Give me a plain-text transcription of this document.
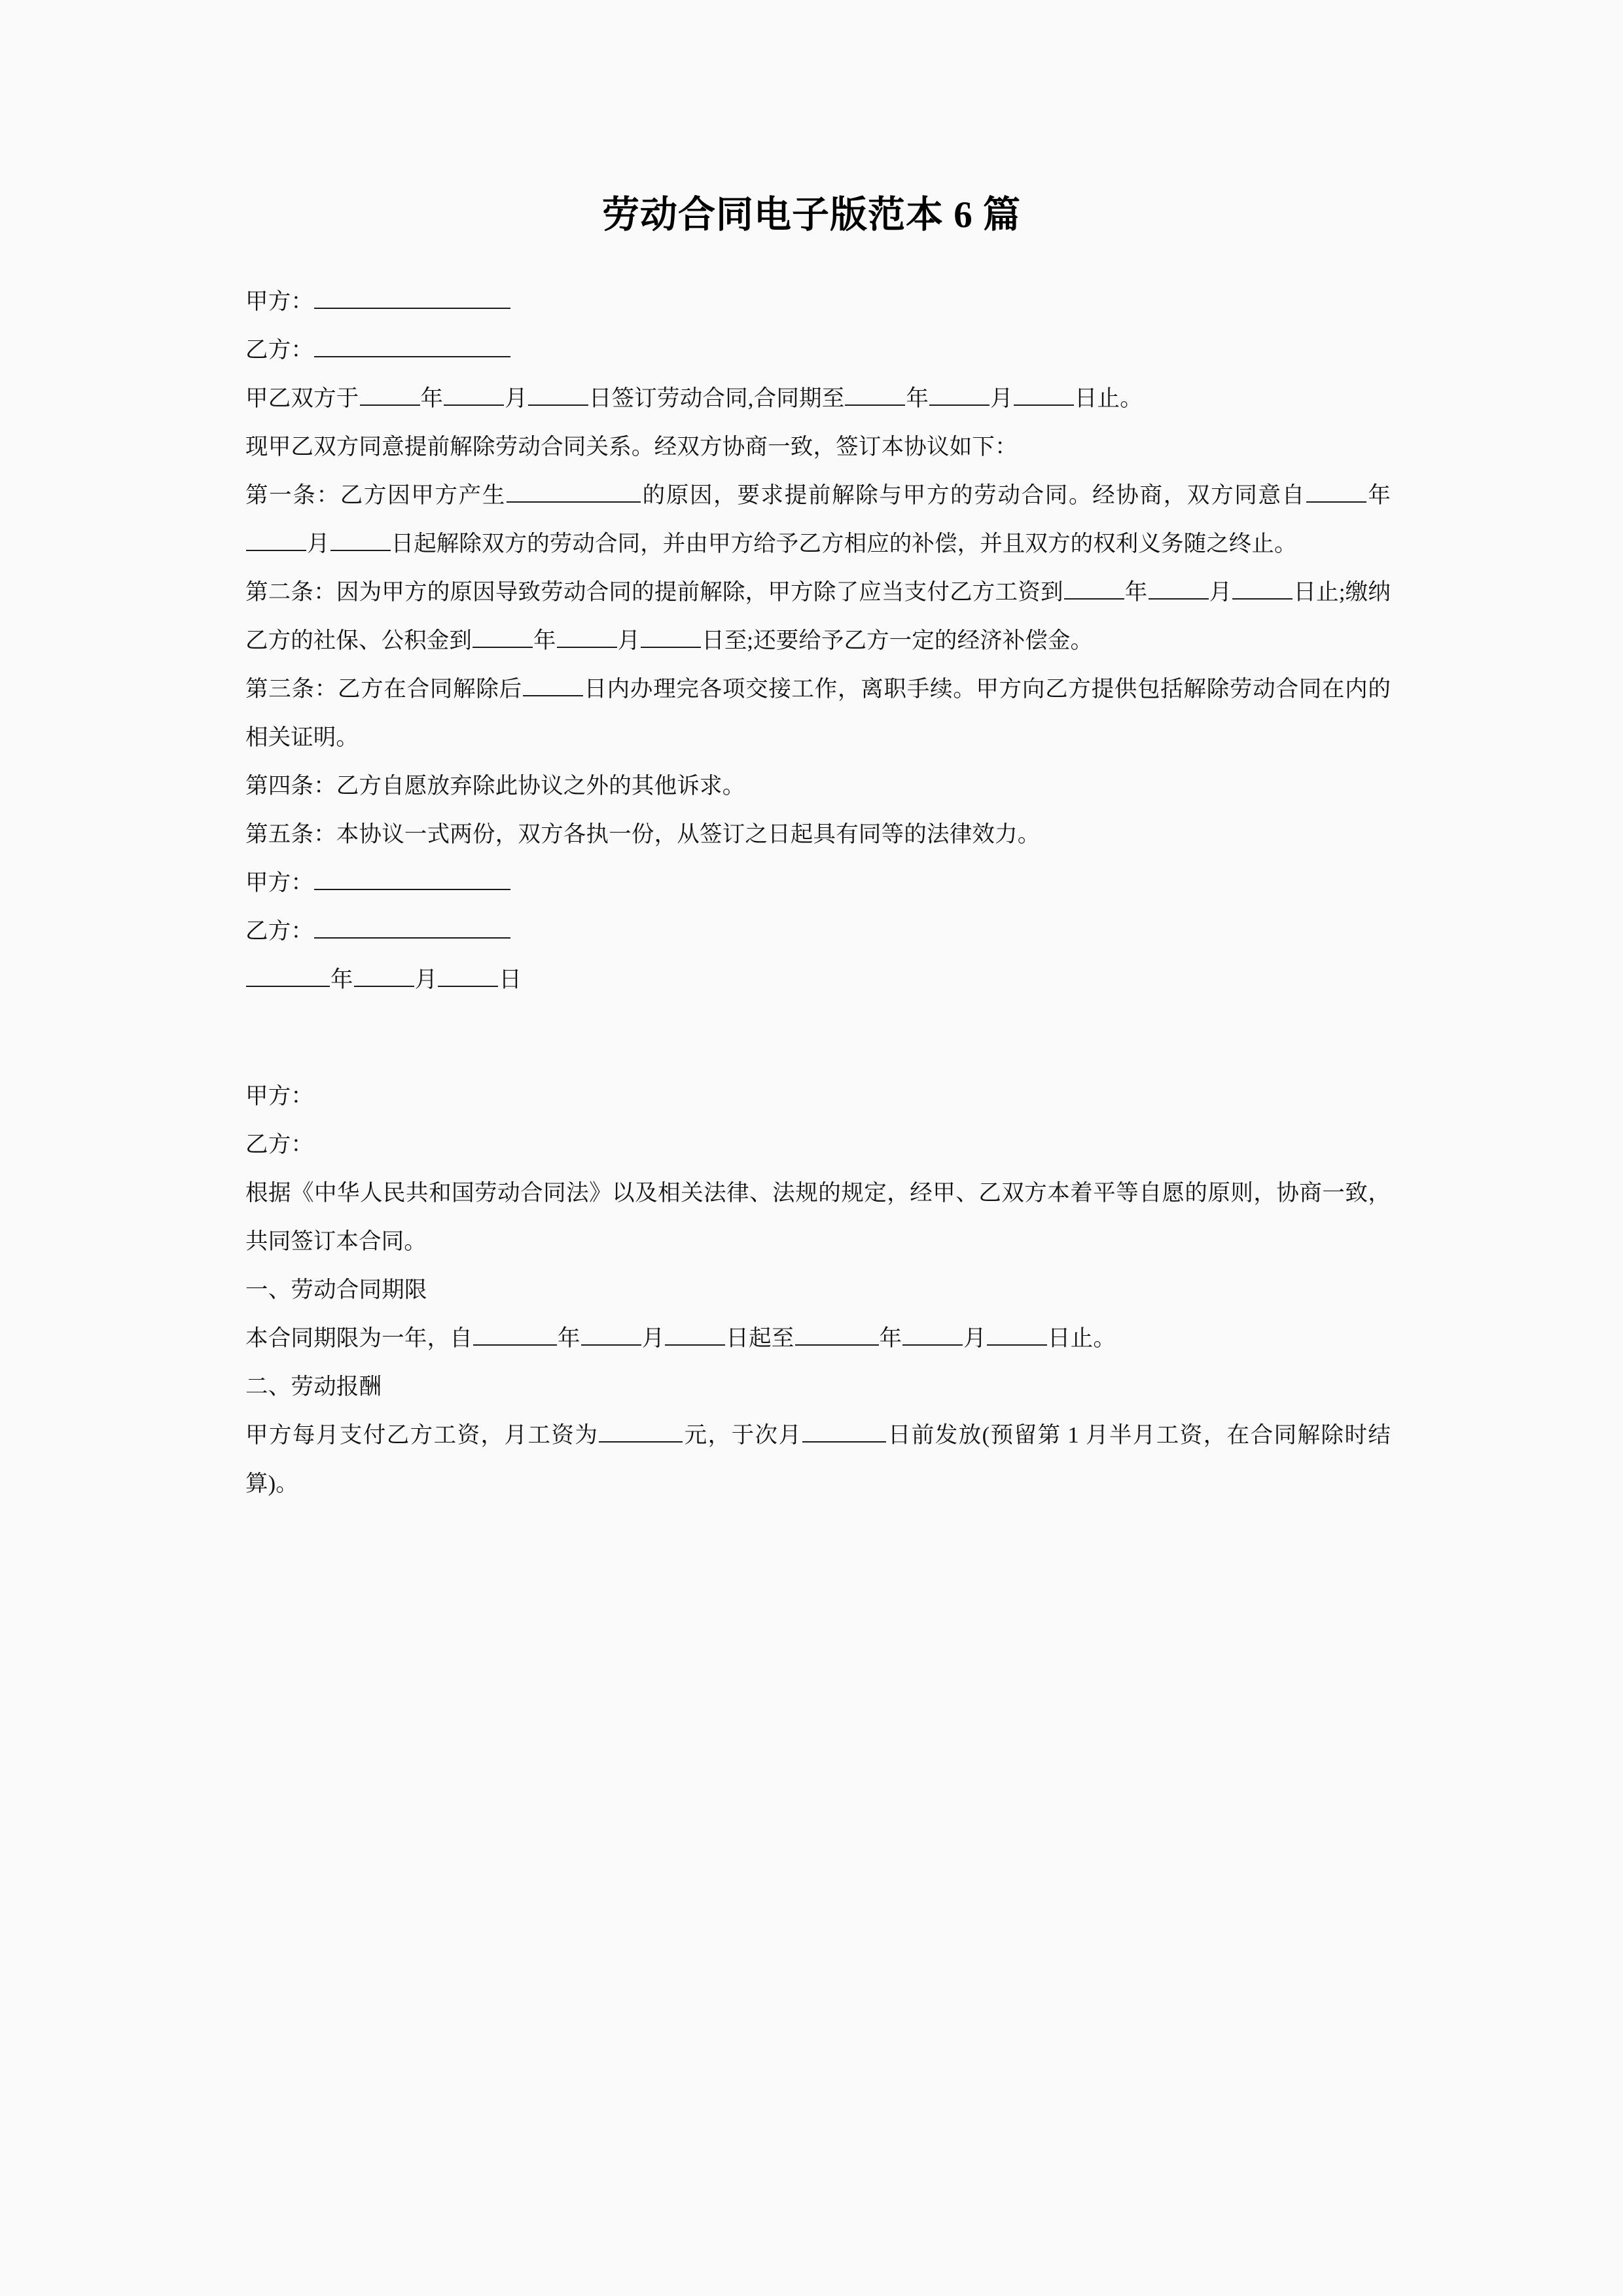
劳动合同电子版范本 6 篇
甲方：
乙方：
甲乙双方于	年	月	日签订劳动合同,合同期至	年	月	日止。
现甲乙双方同意提前解除劳动合同关系。经双方协商一致，签订本协议如下：
第一条：乙方因甲方产生	的原因，要求提前解除与甲方的劳动合同。经协商，双方同意自	年月	日起解除双方的劳动合同，并由甲方给予乙方相应的补偿，并且双方的权利义务随之终止。
第二条：因为甲方的原因导致劳动合同的提前解除，甲方除了应当支付乙方工资到	年	月	日止;缴纳乙方的社保、公积金到	年	月	日至;还要给予乙方一定的经济补偿金。
第三条：乙方在合同解除后	日内办理完各项交接工作，离职手续。甲方向乙方提供包括解除劳动合同在内的相关证明。
第四条：乙方自愿放弃除此协议之外的其他诉求。
第五条：本协议一式两份，双方各执一份，从签订之日起具有同等的法律效力。
甲方：
乙方：
年	月	日
甲方：
乙方：
根据《中华人民共和国劳动合同法》以及相关法律、法规的规定，经甲、乙双方本着平等自愿的原则，协商一致，共同签订本合同。
一、劳动合同期限
本合同期限为一年，自	年	月	日起至	年	月	日止。
二、劳动报酬
甲方每月支付乙方工资，月工资为	元，于次月	日前发放(预留第 1 月半月工资，在合同解除时结算)。
